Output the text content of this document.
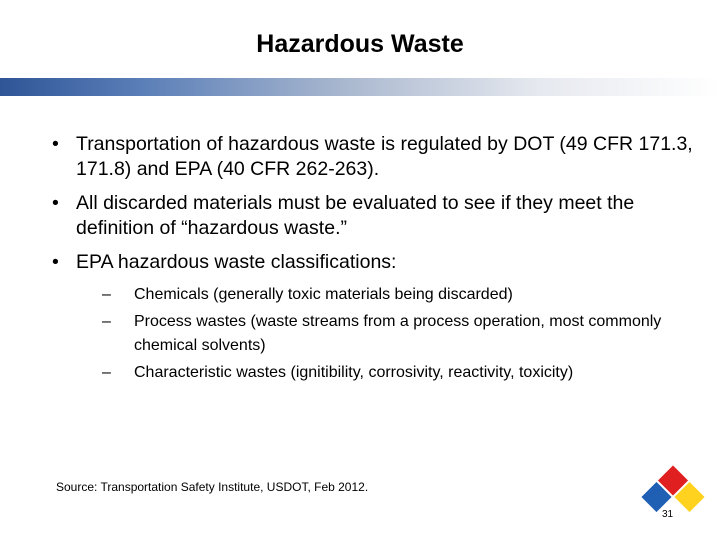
Hazardous Waste
• Transportation of hazardous waste is regulated by DOT (49 CFR 171.3, 171.8) and EPA (40 CFR 262-263).
• All discarded materials must be evaluated to see if they meet the definition of “hazardous waste.”
• EPA hazardous waste classifications:
– Chemicals (generally toxic materials being discarded)
– Process wastes (waste streams from a process operation, most commonly chemical solvents)
– Characteristic wastes (ignitibility, corrosivity, reactivity, toxicity)
Source: Transportation Safety Institute, USDOT, Feb 2012.
31
